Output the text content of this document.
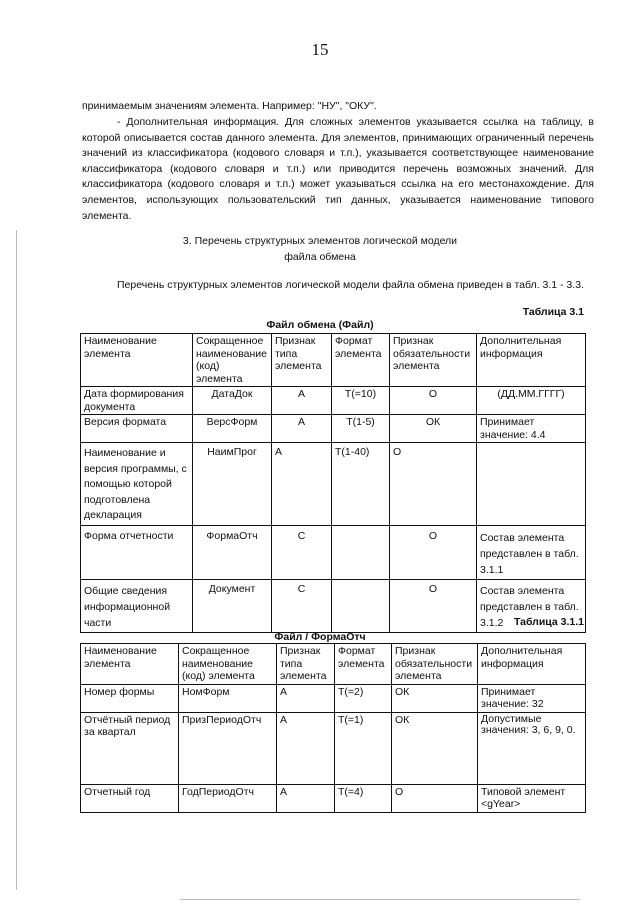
15
принимаемым значениям элемента. Например: "НУ", "ОКУ".
- Дополнительная информация. Для сложных элементов указывается ссылка на таблицу, в которой описывается состав данного элемента. Для элементов, принимающих ограниченный перечень значений из классификатора (кодового словаря и т.п.), указывается соответствующее наименование классификатора (кодового словаря и т.п.) или приводится перечень возможных значений. Для классификатора (кодового словаря и т.п.) может указываться ссылка на его местонахождение. Для элементов, использующих пользовательский тип данных, указывается наименование типового элемента.
3. Перечень структурных элементов логической модели
файла обмена
Перечень структурных элементов логической модели файла обмена приведен в табл. 3.1 - 3.3.
Таблица 3.1
Файл обмена (Файл)
Наименование элемента	Сокращенное наименование (код) элемента	Признак типа элемента	Формат элемента	Признак обязательности элемента	Дополнительная информация
Дата формирования документа	ДатаДок	А	Т(=10)	О	(ДД.ММ.ГГГГ)
Версия формата	ВерсФорм	А	Т(1-5)	ОК	Принимает значение: 4.4
Наименование и версия программы, с помощью которой подготовлена декларация	НаимПрог	А	Т(1-40)	О	
Форма отчетности	ФормаОтч	С		О	Состав элемента представлен в табл. 3.1.1
Общие сведения информационной части	Документ	С		О	Состав элемента представлен в табл. 3.1.2 Таблица 3.1.1
Файл / ФормаОтч
Наименование элемента	Сокращенное наименование (код) элемента	Признак типа элемента	Формат элемента	Признак обязательности элемента	Дополнительная информация
Номер формы	НомФорм	А	Т(=2)	ОК	Принимает значение: 32
Отчётный период за квартал	ПризПериодОтч	А	Т(=1)	ОК	Допустимые значения: 3, 6, 9, 0.
Отчетный год	ГодПериодОтч	А	Т(=4)	О	Типовой элемент <gYear>
